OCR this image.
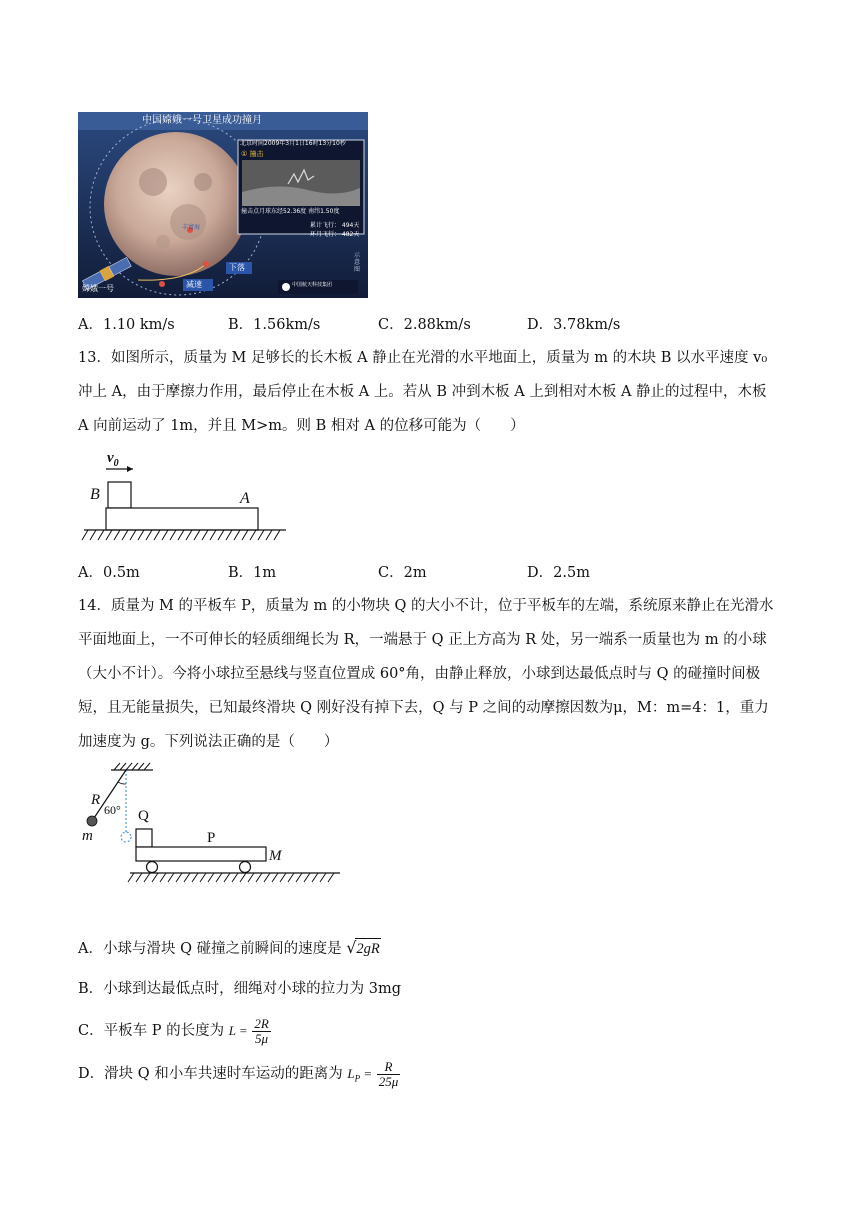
中国嫦娥一号卫星成功撞月
北京时间2009年3月1日16时13分10秒
① 撞击
撞击点月球东经52.36度 南纬1.50度
累计飞行： 494天
环月飞行： 482天
丰富海
嫦娥一号
下落
减速
示意图
中国航天科技集团
A．1.10 km/s	B．1.56km/s	C．2.88km/s	D．3.78km/s
13．如图所示，质量为 M 足够长的长木板 A 静止在光滑的水平地面上，质量为 m 的木块 B 以水平速度 v₀
冲上 A，由于摩擦力作用，最后停止在木板 A 上。若从 B 冲到木板 A 上到相对木板 A 静止的过程中，木板
A 向前运动了 1m，并且 M>m。则 B 相对 A 的位移可能为（　　）
$v_0$
B	A
A．0.5m	B．1m	C．2m	D．2.5m
14．质量为 M 的平板车 P，质量为 m 的小物块 Q 的大小不计，位于平板车的左端，系统原来静止在光滑水
平面地面上，一不可伸长的轻质细绳长为 R，一端悬于 Q 正上方高为 R 处，另一端系一质量也为 m 的小球
（大小不计）。今将小球拉至悬线与竖直位置成 60°角，由静止释放，小球到达最低点时与 Q 的碰撞时间极
短，且无能量损失，已知最终滑块 Q 刚好没有掉下去，Q 与 P 之间的动摩擦因数为μ，M：m=4：1，重力
加速度为 g。下列说法正确的是（　　）
R
60°
m
Q
P
M
A．小球与滑块 Q 碰撞之前瞬间的速度是 √2gR
B．小球到达最低点时，细绳对小球的拉力为 3mg
C．平板车 P 的长度为 $L = \frac{2R}{5\mu}$
D．滑块 Q 和小车共速时车运动的距离为 $L_P = \frac{R}{25\mu}$
